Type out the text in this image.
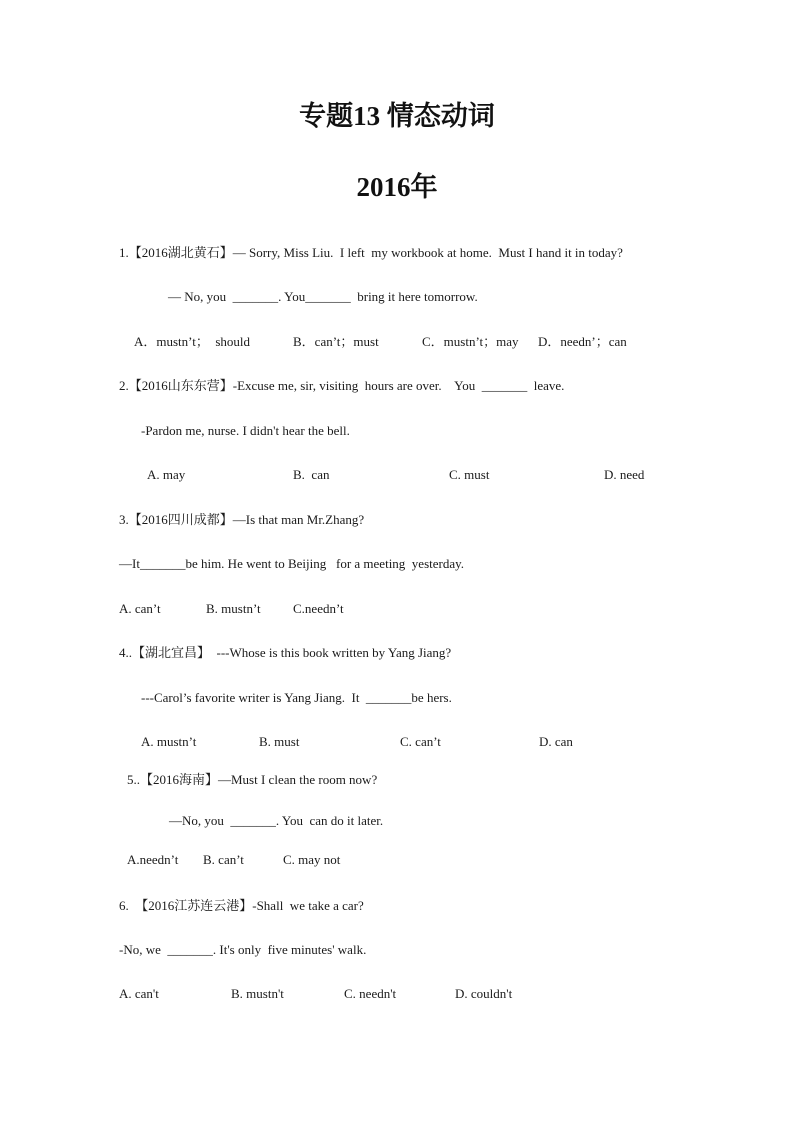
专题13 情态动词
2016年
1.【2016湖北黄石】— Sorry, Miss Liu.  I left  my workbook at home.  Must I hand it in today?
— No, you  _______. You_______  bring it here tomorrow.
A．mustn’t；  should	B．can’t；must	C．mustn’t；may D．needn’；can
2.【2016山东东营】-Excuse me, sir, visiting  hours are over.    You  _______  leave.
-Pardon me, nurse. I didn't hear the bell.
A. may	B.  can	C. must	D. need
3.【2016四川成都】—Is that man Mr.Zhang?
—It_______be him. He went to Beijing   for a meeting  yesterday.
A. can’t	B. mustn’t C.needn’t
4..【湖北宜昌】  ---Whose is this book written by Yang Jiang?
---Carol’s favorite writer is Yang Jiang.  It  _______be hers.
A. mustn’t	B. must	C. can’t	D. can
5..【2016海南】—Must I clean the room now?
—No, you  _______. You  can do it later.
A.needn’t B. can’t	C. may not
6.  【2016江苏连云港】-Shall  we take a car?
-No, we  _______. It's only  five minutes' walk.
A. can't	B. mustn't	C. needn't	D. couldn't
